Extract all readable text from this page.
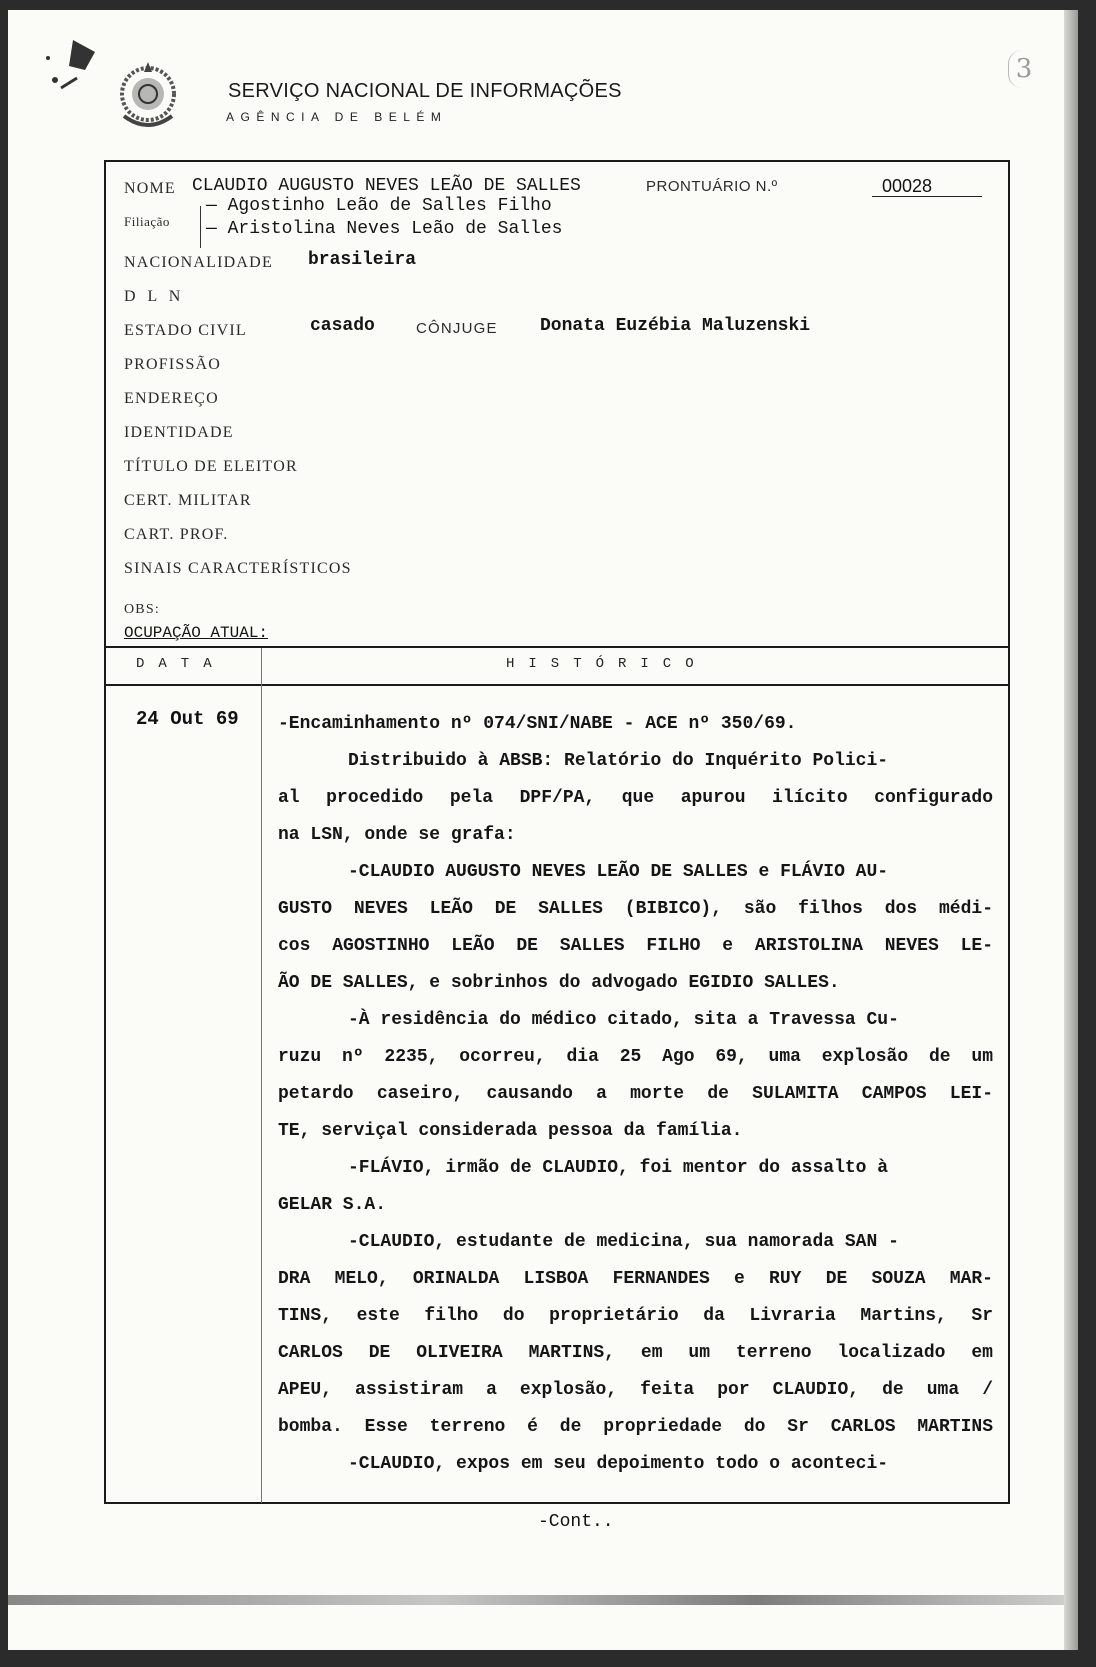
SERVIÇO NACIONAL DE INFORMAÇÕES
AGÊNCIA DE BELÉM
3
NOME CLAUDIO AUGUSTO NEVES LEÃO DE SALLES	PRONTUÁRIO N.º	00028
Filiação
— Agostinho Leão de Salles Filho
— Aristolina Neves Leão de Salles
NACIONALIDADE brasileira
D L N
ESTADO CIVIL	casado	CÔNJUGE Donata Euzébia Maluzenski
PROFISSÃO
ENDEREÇO
IDENTIDADE
TÍTULO DE ELEITOR
CERT. MILITAR
CART. PROF.
SINAIS CARACTERÍSTICOS
OBS:
OCUPAÇÃO ATUAL:
DATA	HISTÓRICO
24 Out 69 -Encaminhamento nº 074/SNI/NABE - ACE nº 350/69.
Distribuido à ABSB: Relatório do Inquérito Polici-
al procedido pela DPF/PA, que apurou ilícito configurado
na LSN, onde se grafa:
-CLAUDIO AUGUSTO NEVES LEÃO DE SALLES e FLÁVIO AU-
GUSTO NEVES LEÃO DE SALLES (BIBICO), são filhos dos médi-
cos AGOSTINHO LEÃO DE SALLES FILHO e ARISTOLINA NEVES LE-
ÃO DE SALLES, e sobrinhos do advogado EGIDIO SALLES.
-À residência do médico citado, sita a Travessa Cu-
ruzu nº 2235, ocorreu, dia 25 Ago 69, uma explosão de um
petardo caseiro, causando a morte de SULAMITA CAMPOS LEI-
TE, serviçal considerada pessoa da família.
-FLÁVIO, irmão de CLAUDIO, foi mentor do assalto à
GELAR S.A.
-CLAUDIO, estudante de medicina, sua namorada SAN -
DRA MELO, ORINALDA LISBOA FERNANDES e RUY DE SOUZA MAR-
TINS, este filho do proprietário da Livraria Martins, Sr
CARLOS DE OLIVEIRA MARTINS, em um terreno localizado em
APEU, assistiram a explosão, feita por CLAUDIO, de uma /
bomba. Esse terreno é de propriedade do Sr CARLOS MARTINS
-CLAUDIO, expos em seu depoimento todo o aconteci-
-Cont..
